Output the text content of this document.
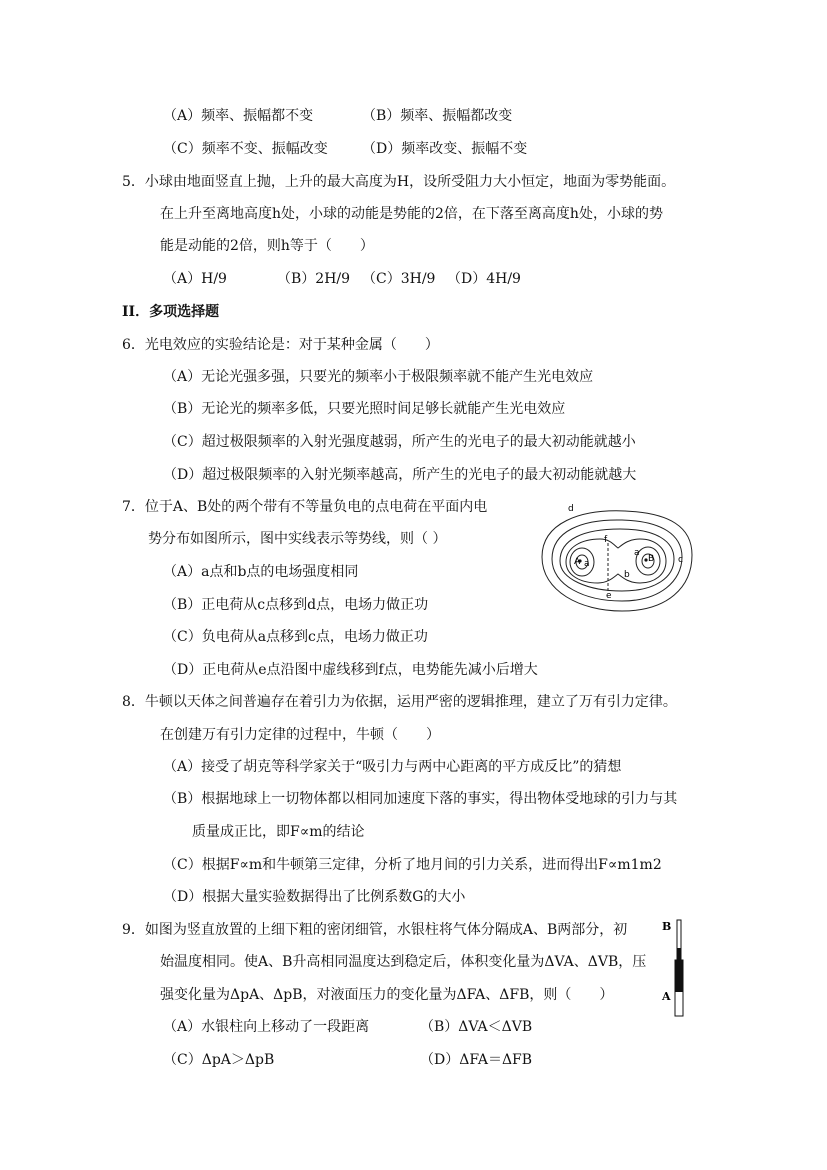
（A）频率、振幅都不变	（B）频率、振幅都改变
（C）频率不变、振幅改变 （D）频率改变、振幅不变
5．小球由地面竖直上抛，上升的最大高度为H，设所受阻力大小恒定，地面为零势能面。
在上升至离地高度h处，小球的动能是势能的2倍，在下落至离高度h处，小球的势
能是动能的2倍，则h等于（　　）
（A）H/9	（B）2H/9 （C）3H/9 （D）4H/9
II．多项选择题
6．光电效应的实验结论是：对于某种金属（　　）
（A）无论光强多强，只要光的频率小于极限频率就不能产生光电效应
（B）无论光的频率多低，只要光照时间足够长就能产生光电效应
（C）超过极限频率的入射光强度越弱，所产生的光电子的最大初动能就越小
（D）超过极限频率的入射光频率越高，所产生的光电子的最大初动能就越大
7．位于A、B处的两个带有不等量负电的点电荷在平面内电
势分布如图所示，图中实线表示等势线，则（ ）
（A）a点和b点的电场强度相同
（B）正电荷从c点移到d点，电场力做正功
（C）负电荷从a点移到c点，电场力做正功
（D）正电荷从e点沿图中虚线移到f点，电势能先减小后增大
d
f
e
A a
a
B
b
c
8．牛顿以天体之间普遍存在着引力为依据，运用严密的逻辑推理，建立了万有引力定律。
在创建万有引力定律的过程中，牛顿（　　）
（A）接受了胡克等科学家关于“吸引力与两中心距离的平方成反比”的猜想
（B）根据地球上一切物体都以相同加速度下落的事实，得出物体受地球的引力与其
质量成正比，即F∝m的结论
（C）根据F∝m和牛顿第三定律，分析了地月间的引力关系，进而得出F∝m1m2
（D）根据大量实验数据得出了比例系数G的大小
9．如图为竖直放置的上细下粗的密闭细管，水银柱将气体分隔成A、B两部分，初
始温度相同。使A、B升高相同温度达到稳定后，体积变化量为ΔVA、ΔVB，压
强变化量为ΔpA、ΔpB，对液面压力的变化量为ΔFA、ΔFB，则（　　）
（A）水银柱向上移动了一段距离	（B）ΔVA＜ΔVB
（C）ΔpA＞ΔpB	（D）ΔFA＝ΔFB
B
A
